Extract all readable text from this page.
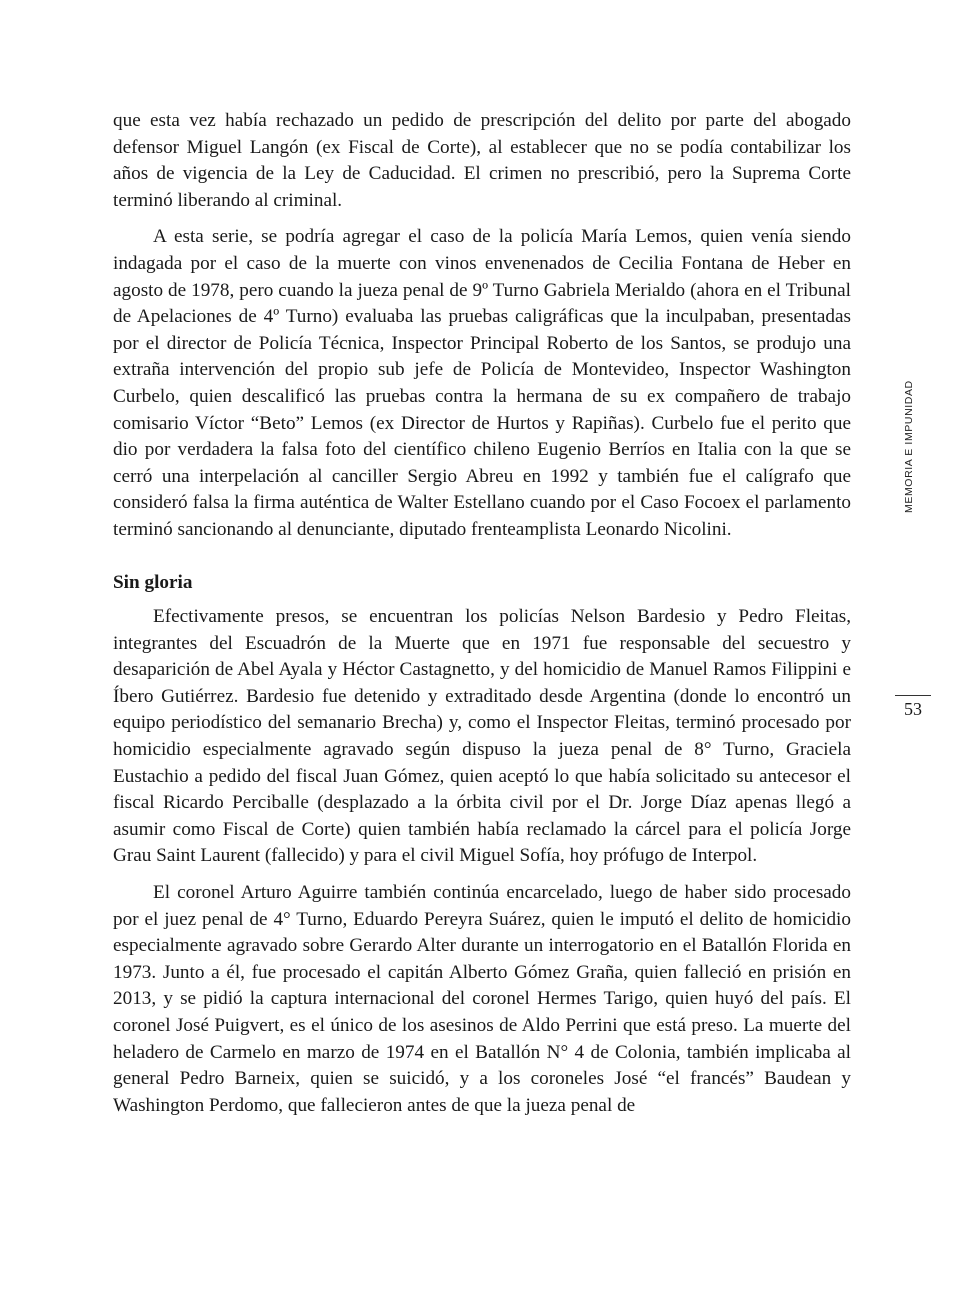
que esta vez había rechazado un pedido de prescripción del delito por parte del abogado defensor Miguel Langón (ex Fiscal de Corte), al establecer que no se podía contabilizar los años de vigencia de la Ley de Caducidad. El crimen no prescribió, pero la Suprema Corte terminó liberando al criminal.

A esta serie, se podría agregar el caso de la policía María Lemos, quien venía siendo indagada por el caso de la muerte con vinos envenenados de Cecilia Fontana de Heber en agosto de 1978, pero cuando la jueza penal de 9º Turno Gabriela Merialdo (ahora en el Tribunal de Apelaciones de 4º Turno) evaluaba las pruebas caligráficas que la inculpaban, presentadas por el director de Policía Técnica, Inspector Principal Roberto de los Santos, se produjo una extraña intervención del propio sub jefe de Policía de Montevideo, Inspector Washington Curbelo, quien descalificó las pruebas contra la hermana de su ex compañero de trabajo comisario Víctor “Beto” Lemos (ex Director de Hurtos y Rapiñas). Curbelo fue el perito que dio por verdadera la falsa foto del científico chileno Eugenio Berríos en Italia con la que se cerró una interpelación al canciller Sergio Abreu en 1992 y también fue el calígrafo que consideró falsa la firma auténtica de Walter Estellano cuando por el Caso Focoex el parlamento terminó sancionando al denunciante, diputado frenteamplista Leonardo Nicolini.

Sin gloria

Efectivamente presos, se encuentran los policías Nelson Bardesio y Pedro Fleitas, integrantes del Escuadrón de la Muerte que en 1971 fue responsable del secuestro y desaparición de Abel Ayala y Héctor Castagnetto, y del homicidio de Manuel Ramos Filippini e Íbero Gutiérrez. Bardesio fue detenido y extraditado desde Argentina (donde lo encontró un equipo periodístico del semanario Brecha) y, como el Inspector Fleitas, terminó procesado por homicidio especialmente agravado según dispuso la jueza penal de 8° Turno, Graciela Eustachio a pedido del fiscal Juan Gómez, quien aceptó lo que había solicitado su antecesor el fiscal Ricardo Perciballe (desplazado a la órbita civil por el Dr. Jorge Díaz apenas llegó a asumir como Fiscal de Corte) quien también había reclamado la cárcel para el policía Jorge Grau Saint Laurent (fallecido) y para el civil Miguel Sofía, hoy prófugo de Interpol.

El coronel Arturo Aguirre también continúa encarcelado, luego de haber sido procesado por el juez penal de 4° Turno, Eduardo Pereyra Suárez, quien le imputó el delito de homicidio especialmente agravado sobre Gerardo Alter durante un interrogatorio en el Batallón Florida en 1973. Junto a él, fue procesado el capitán Alberto Gómez Graña, quien falleció en prisión en 2013, y se pidió la captura internacional del coronel Hermes Tarigo, quien huyó del país. El coronel José Puigvert, es el único de los asesinos de Aldo Perrini que está preso. La muerte del heladero de Carmelo en marzo de 1974 en el Batallón N° 4 de Colonia, también implicaba al general Pedro Barneix, quien se suicidó, y a los coroneles José “el francés” Baudean y Washington Perdomo, que fallecieron antes de que la jueza penal de

MEMORIA E IMPUNIDAD
53
